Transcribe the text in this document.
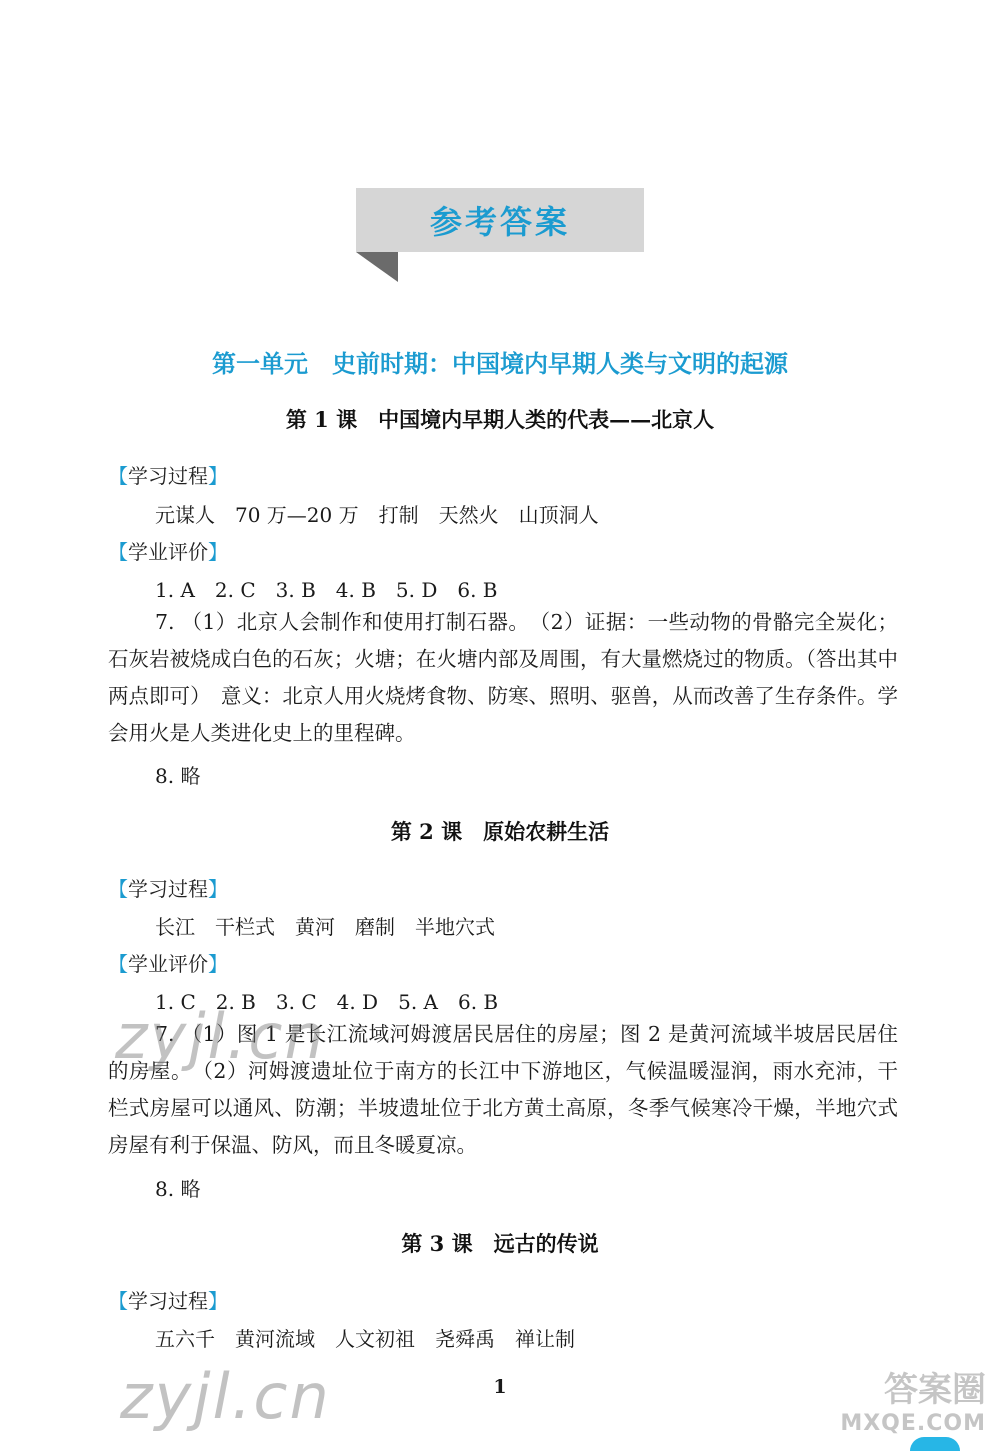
参考答案
第一单元　史前时期：中国境内早期人类与文明的起源
第 1 课　中国境内早期人类的代表——北京人
【学习过程】
元谋人　70 万—20 万　打制　天然火　山顶洞人
【学业评价】
1. A　2. C　3. B　4. B　5. D　6. B
7. （1）北京人会制作和使用打制石器。　（2）证据：一些动物的骨骼完全炭化；石灰岩被烧成白色的石灰；火塘；在火塘内部及周围，有大量燃烧过的物质。（答出其中两点即可）　意义：北京人用火烧烤食物、防寒、照明、驱兽，从而改善了生存条件。学会用火是人类进化史上的里程碑。
8. 略
第 2 课　原始农耕生活
【学习过程】
长江　干栏式　黄河　磨制　半地穴式
【学业评价】
1. C　2. B　3. C　4. D　5. A　6. B
7. （1）图 1 是长江流域河姆渡居民居住的房屋；图 2 是黄河流域半坡居民居住的房屋。　（2）河姆渡遗址位于南方的长江中下游地区，气候温暖湿润，雨水充沛，干栏式房屋可以通风、防潮；半坡遗址位于北方黄土高原，冬季气候寒冷干燥，半地穴式房屋有利于保温、防风，而且冬暖夏凉。
8. 略
第 3 课　远古的传说
【学习过程】
五六千　黄河流域　人文初祖　尧舜禹　禅让制
1
zyjl.cn
zyjl.cn	答案圈
MXQE.COM
